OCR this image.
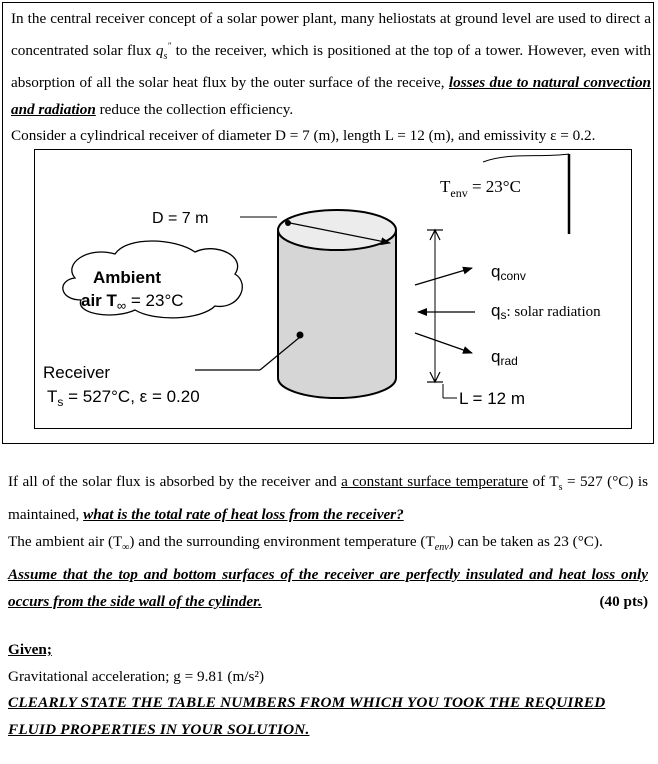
In the central receiver concept of a solar power plant, many heliostats at ground level are used to direct a concentrated solar flux $q_s^"$ to the receiver, which is positioned at the top of a tower. However, even with absorption of all the solar heat flux by the outer surface of the receive, losses due to natural convection and radiation reduce the collection efficiency.
Consider a cylindrical receiver of diameter D = 7 (m), length L = 12 (m), and emissivity ε = 0.2.
$T_{env} = 23^\circ C$
D = 7 m
Ambient
air $T_\infty = 23^\circ C$
Receiver
$T_s = 527^\circ C$, ε = 0.20
qconv
qs: solar radiation
qrad
L = 12 m
If all of the solar flux is absorbed by the receiver and a constant surface temperature of $T_s = 527$ (°C) is maintained, what is the total rate of heat loss from the receiver?
The ambient air $(T_\infty)$ and the surrounding environment temperature $(T_{env})$ can be taken as 23 (°C).
Assume that the top and bottom surfaces of the receiver are perfectly insulated and heat loss only occurs from the side wall of the cylinder.	(40 pts)
Given;
Gravitational acceleration; g = 9.81 (m/s²)
CLEARLY STATE THE TABLE NUMBERS FROM WHICH YOU TOOK THE REQUIRED FLUID PROPERTIES IN YOUR SOLUTION.
